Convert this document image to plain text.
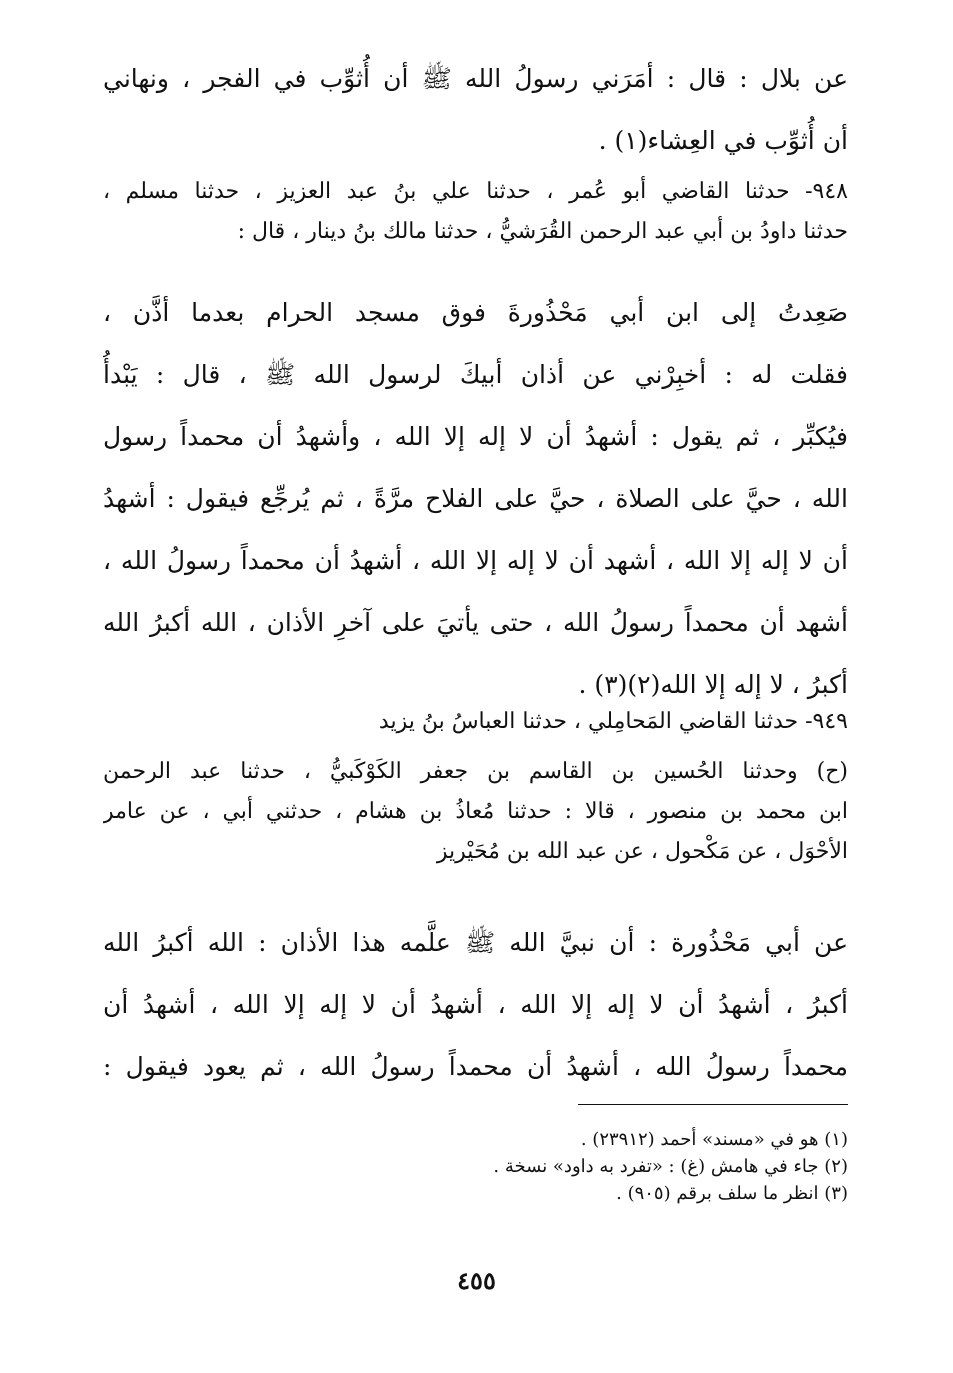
عن بلال : قال : أمَرَني رسولُ الله ﷺ أن أُثوِّب في الفجر ، ونهاني
أن أُثوِّب في العِشاء(١) .
٩٤٨- حدثنا القاضي أبو عُمر ، حدثنا علي بنُ عبد العزيز ، حدثنا مسلم ،
حدثنا داودُ بن أبي عبد الرحمن القُرَشيُّ ، حدثنا مالك بنُ دينار ، قال :
صَعِدتُ إلى ابن أبي مَحْذُورةَ فوق مسجد الحرام بعدما أذَّن ،
فقلت له : أخبِرْني عن أذان أبيكَ لرسول الله ﷺ ، قال : يَبْدأُ
فيُكبِّر ، ثم يقول : أشهدُ أن لا إله إلا الله ، وأشهدُ أن محمداً رسول
الله ، حيَّ على الصلاة ، حيَّ على الفلاح مرَّةً ، ثم يُرجِّع فيقول : أشهدُ
أن لا إله إلا الله ، أشهد أن لا إله إلا الله ، أشهدُ أن محمداً رسولُ الله ،
أشهد أن محمداً رسولُ الله ، حتى يأتيَ على آخرِ الأذان ، الله أكبرُ الله
أكبرُ ، لا إله إلا الله(٢)(٣) .
٩٤٩- حدثنا القاضي المَحامِلي ، حدثنا العباسُ بنُ يزيد
(ح) وحدثنا الحُسين بن القاسم بن جعفر الكَوْكَبيُّ ، حدثنا عبد الرحمن
ابن محمد بن منصور ، قالا : حدثنا مُعاذُ بن هشام ، حدثني أبي ، عن عامر
الأحْوَل ، عن مَكْحول ، عن عبد الله بن مُحَيْريز
عن أبي مَحْذُورة : أن نبيَّ الله ﷺ علَّمه هذا الأذان : الله أكبرُ الله
أكبرُ ، أشهدُ أن لا إله إلا الله ، أشهدُ أن لا إله إلا الله ، أشهدُ أن
محمداً رسولُ الله ، أشهدُ أن محمداً رسولُ الله ، ثم يعود فيقول :
(١) هو في «مسند» أحمد (٢٣٩١٢) .
(٢) جاء في هامش (غ) : «تفرد به داود» نسخة .
(٣) انظر ما سلف برقم (٩٠٥) .
٤٥٥
